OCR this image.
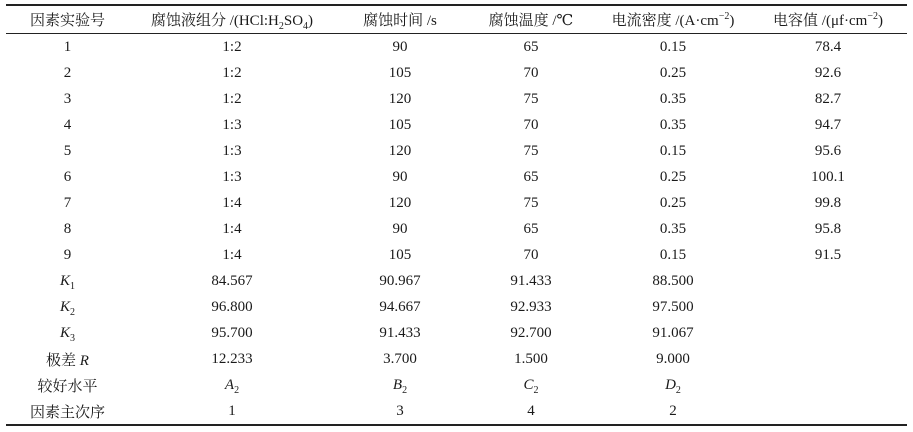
因素实验号	腐蚀液组分 $/(HCl:H_2SO_4)$	腐蚀时间 /s	腐蚀温度 /℃	电流密度 $/(A\cdot cm^{-2})$	电容值 $/(\mu f\cdot cm^{-2})$
1	1:2	90	65	0.15	78.4
2	1:2	105	70	0.25	92.6
3	1:2	120	75	0.35	82.7
4	1:3	105	70	0.35	94.7
5	1:3	120	75	0.15	95.6
6	1:3	90	65	0.25	100.1
7	1:4	120	75	0.25	99.8
8	1:4	90	65	0.35	95.8
9	1:4	105	70	0.15	91.5
$K_1$	84.567	90.967	91.433	88.500	
$K_2$	96.800	94.667	92.933	97.500	
$K_3$	95.700	91.433	92.700	91.067	
极差 R	12.233	3.700	1.500	9.000	
较好水平	$A_2$	$B_2$	$C_2$	$D_2$	
因素主次序	1	3	4	2	
